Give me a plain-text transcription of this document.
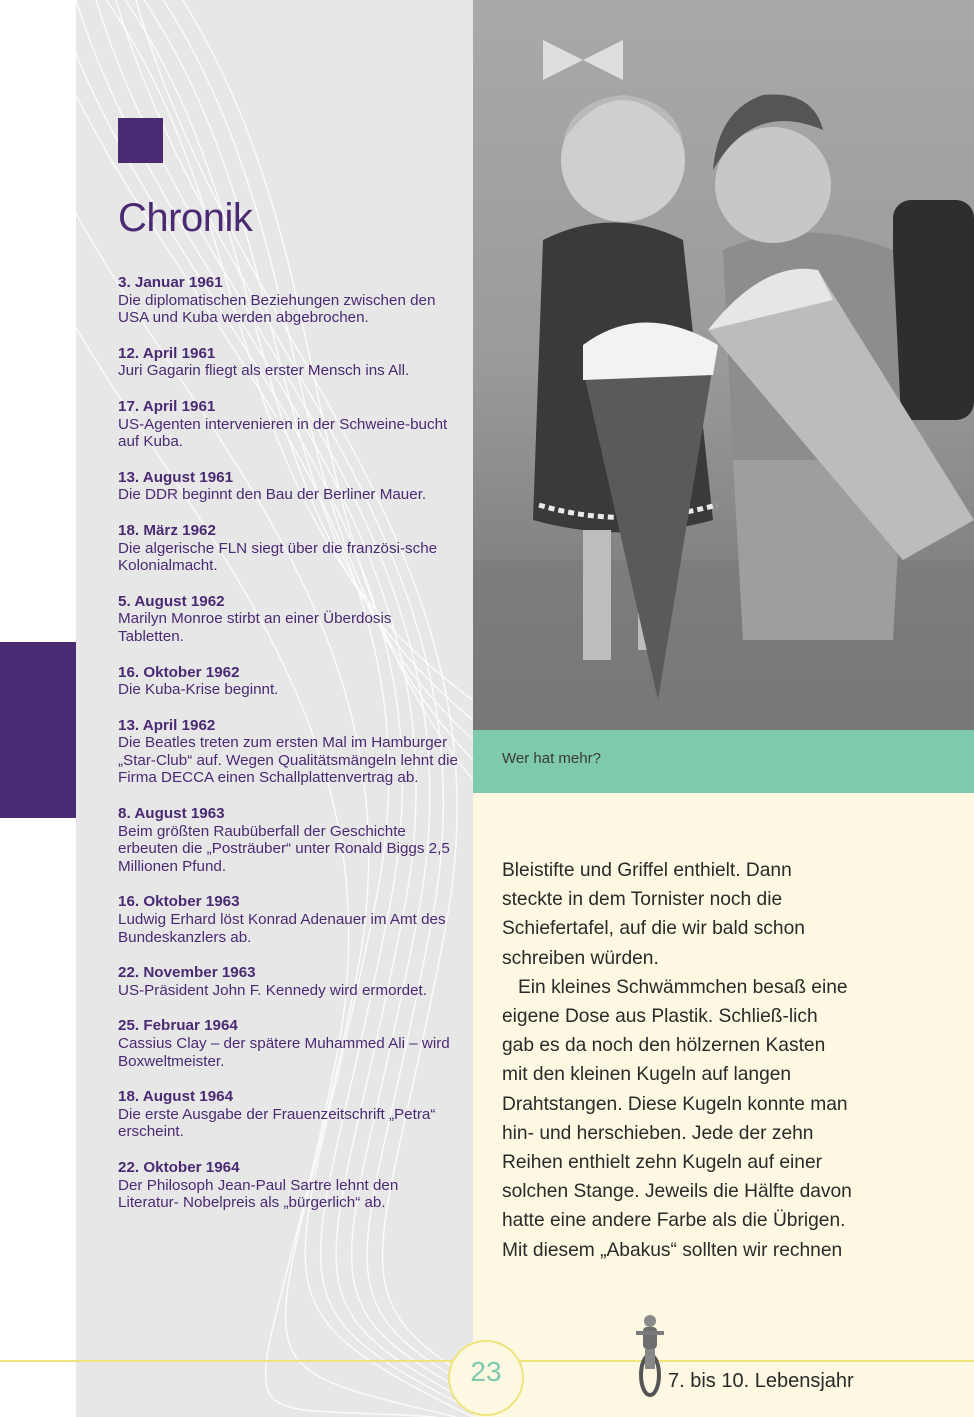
Chronik
3. Januar 1961
Die diplomatischen Beziehungen zwischen den USA und Kuba werden abgebrochen.
12. April 1961
Juri Gagarin fliegt als erster Mensch ins All.
17. April 1961
US-Agenten intervenieren in der Schweine-bucht auf Kuba.
13. August 1961
Die DDR beginnt den Bau der Berliner Mauer.
18. März 1962
Die algerische FLN siegt über die französi-sche Kolonialmacht.
5. August 1962
Marilyn Monroe stirbt an einer Überdosis Tabletten.
16. Oktober 1962
Die Kuba-Krise beginnt.
13. April 1962
Die Beatles treten zum ersten Mal im Hamburger „Star-Club“ auf. Wegen Qualitätsmängeln lehnt die Firma DECCA einen Schallplattenvertrag ab.
8. August 1963
Beim größten Raubüberfall der Geschichte erbeuten die „Posträuber“ unter Ronald Biggs 2,5 Millionen Pfund.
16. Oktober 1963
Ludwig Erhard löst Konrad Adenauer im Amt des Bundeskanzlers ab.
22. November 1963
US-Präsident John F. Kennedy wird ermordet.
25. Februar 1964
Cassius Clay – der spätere Muhammed Ali – wird Boxweltmeister.
18. August 1964
Die erste Ausgabe der Frauenzeitschrift „Petra“ erscheint.
22. Oktober 1964
Der Philosoph Jean-Paul Sartre lehnt den Literatur- Nobelpreis als „bürgerlich“ ab.
Wer hat mehr?

Bleistifte und Griffel enthielt. Dann steckte in dem Tornister noch die Schiefertafel, auf die wir bald schon schreiben würden.

Ein kleines Schwämmchen besaß eine eigene Dose aus Plastik. Schließ-lich gab es da noch den hölzernen Kasten mit den kleinen Kugeln auf langen Drahtstangen. Diese Kugeln konnte man hin- und herschieben. Jede der zehn Reihen enthielt zehn Kugeln auf einer solchen Stange. Jeweils die Hälfte davon hatte eine andere Farbe als die Übrigen. Mit diesem „Abakus“ sollten wir rechnen

23	7. bis 10. Lebensjahr
